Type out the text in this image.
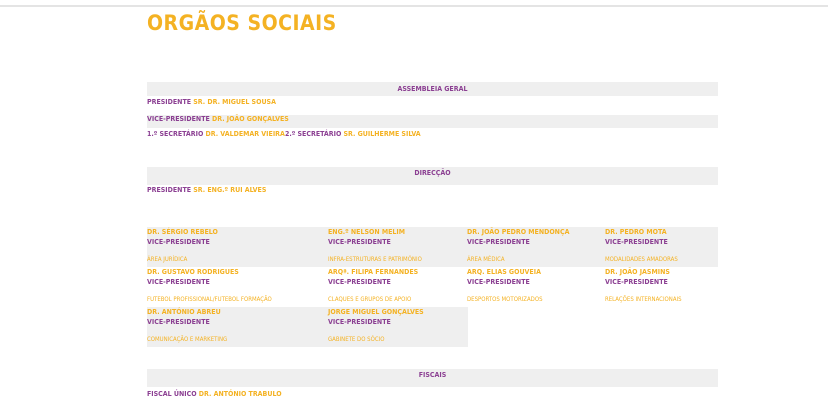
ORGÃOS SOCIAIS
ASSEMBLEIA GERAL
PRESIDENTE SR. DR. MIGUEL SOUSA
VICE-PRESIDENTE DR. JOÃO GONÇALVES
1.º SECRETÁRIO DR. VALDEMAR VIEIRA 2.º SECRETÁRIO SR. GUILHERME SILVA
DIRECÇÃO
PRESIDENTE SR. ENG.º RUI ALVES
DR. SÉRGIO REBELO
VICE-PRESIDENTE
ÁREA JURÍDICA
ENG.º NELSON MELIM
VICE-PRESIDENTE
INFRA-ESTRUTURAS E PATRIMÓNIO
DR. JOÃO PEDRO MENDONÇA
VICE-PRESIDENTE
ÁREA MÉDICA
DR. PEDRO MOTA
VICE-PRESIDENTE
MODALIDADES AMADORAS
DR. GUSTAVO RODRIGUES
VICE-PRESIDENTE
FUTEBOL PROFISSIONAL/FUTEBOL FORMAÇÃO
ARQª. FILIPA FERNANDES
VICE-PRESIDENTE
CLAQUES E GRUPOS DE APOIO
ARQ. ELIAS GOUVEIA
VICE-PRESIDENTE
DESPORTOS MOTORIZADOS
DR. JOÃO JASMINS
VICE-PRESIDENTE
RELAÇÕES INTERNACIONAIS
DR. ANTÓNIO ABREU
VICE-PRESIDENTE
COMUNICAÇÃO E MARKETING
JORGE MIGUEL GONÇALVES
VICE-PRESIDENTE
GABINETE DO SÓCIO
FISCAIS
FISCAL ÚNICO DR. ANTÓNIO TRABULO
